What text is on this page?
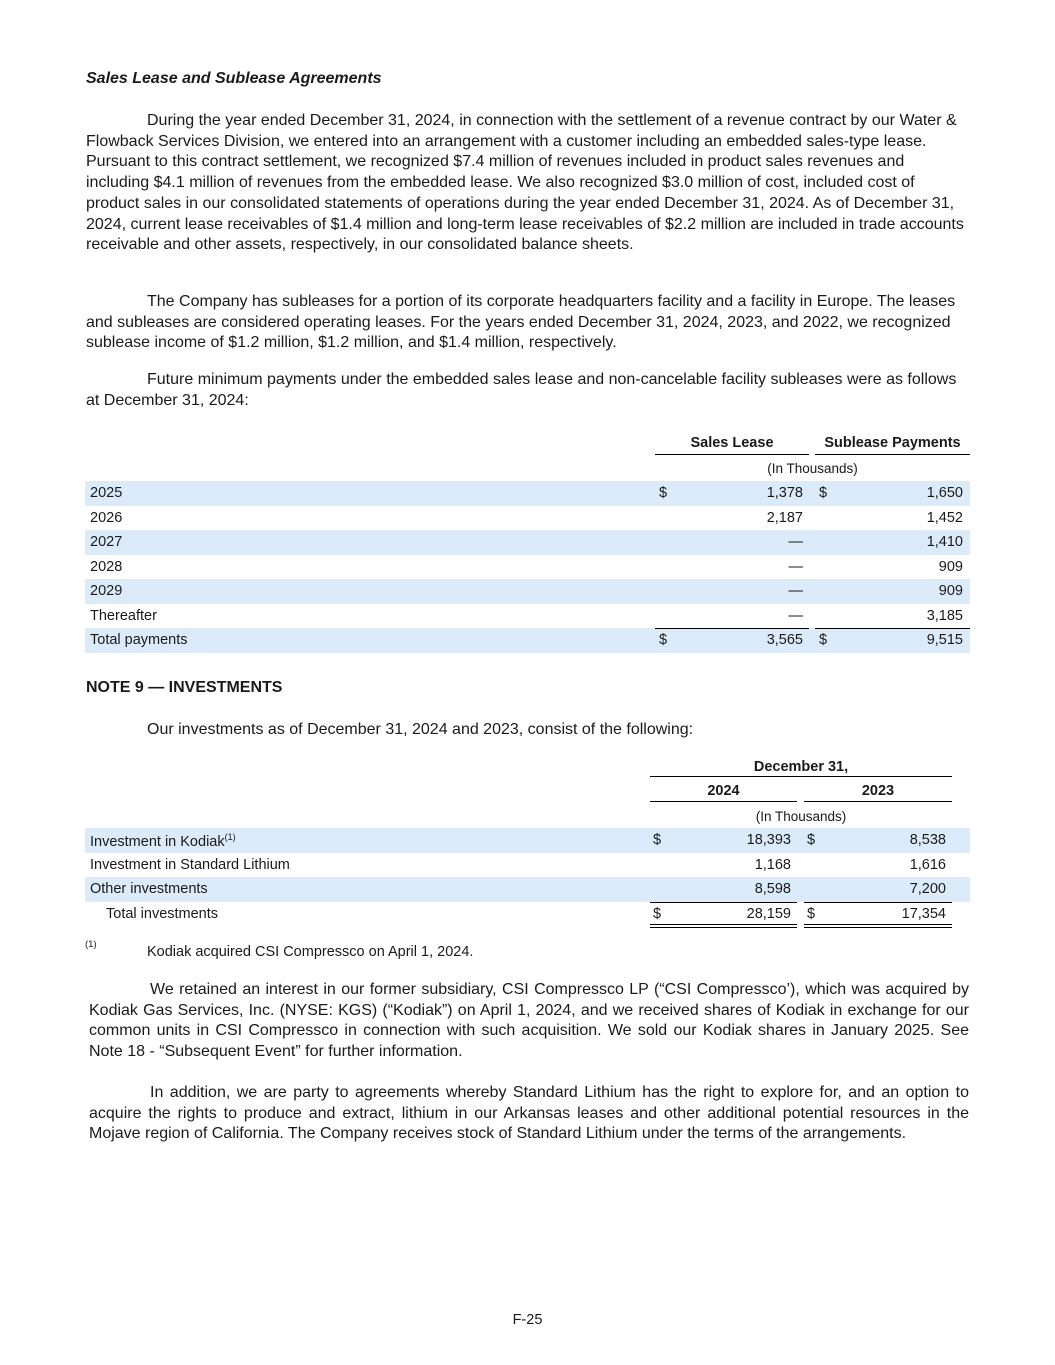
Sales Lease and Sublease Agreements

During the year ended December 31, 2024, in connection with the settlement of a revenue contract by our Water & Flowback Services Division, we entered into an arrangement with a customer including an embedded sales-type lease. Pursuant to this contract settlement, we recognized $7.4 million of revenues included in product sales revenues and including $4.1 million of revenues from the embedded lease. We also recognized $3.0 million of cost, included cost of product sales in our consolidated statements of operations during the year ended December 31, 2024. As of December 31, 2024, current lease receivables of $1.4 million and long-term lease receivables of $2.2 million are included in trade accounts receivable and other assets, respectively, in our consolidated balance sheets.

The Company has subleases for a portion of its corporate headquarters facility and a facility in Europe. The leases and subleases are considered operating leases. For the years ended December 31, 2024, 2023, and 2022, we recognized sublease income of $1.2 million, $1.2 million, and $1.4 million, respectively.

Future minimum payments under the embedded sales lease and non-cancelable facility subleases were as follows at December 31, 2024:

Sales Lease	Sublease Payments
(In Thousands)
2025	$	1,378 $	1,650
2026	2,187	1,452
2027	—	1,410
2028	—	909
2029	—	909
Thereafter	—	3,185
Total payments	$	3,565 $	9,515
NOTE 9 — INVESTMENTS

Our investments as of December 31, 2024 and 2023, consist of the following:

December 31,
2024	2023
(In Thousands)
Investment in Kodiak$^{(1)}$	$	18,393 $	8,538
Investment in Standard Lithium	1,168	1,616
Other investments	8,598	7,200
Total investments	$	28,159 $	17,354
(1)	Kodiak acquired CSI Compressco on April 1, 2024.

We retained an interest in our former subsidiary, CSI Compressco LP (“CSI Compressco’), which was acquired by Kodiak Gas Services, Inc. (NYSE: KGS) (“Kodiak”) on April 1, 2024, and we received shares of Kodiak in exchange for our common units in CSI Compressco in connection with such acquisition. We sold our Kodiak shares in January 2025. See Note 18 - “Subsequent Event” for further information.

In addition, we are party to agreements whereby Standard Lithium has the right to explore for, and an option to acquire the rights to produce and extract, lithium in our Arkansas leases and other additional potential resources in the Mojave region of California. The Company receives stock of Standard Lithium under the terms of the arrangements.

F-25
